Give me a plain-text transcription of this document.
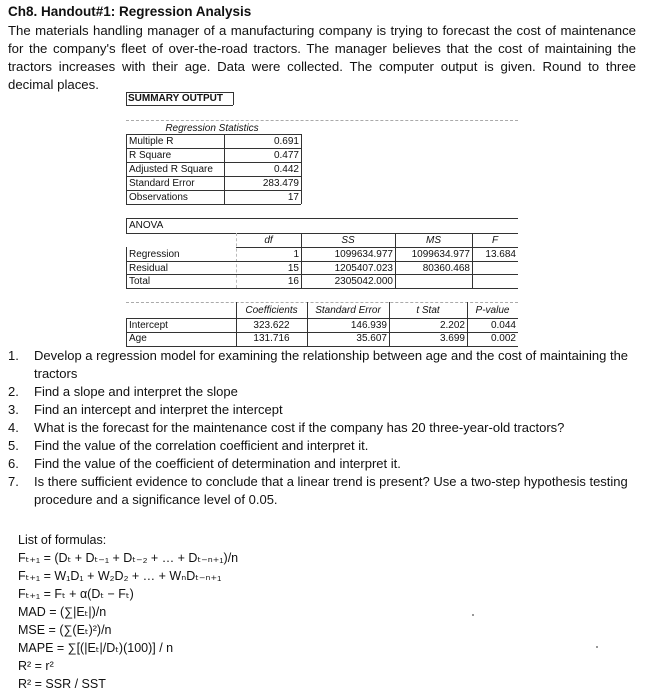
Ch8. Handout#1: Regression Analysis
The materials handling manager of a manufacturing company is trying to forecast the cost of maintenance for the company's fleet of over-the-road tractors. The manager believes that the cost of maintaining the tractors increases with their age. Data were collected. The computer output is given. Round to three decimal places.
SUMMARY OUTPUT
Regression Statistics
Multiple R	0.691
R Square	0.477
Adjusted R Square	0.442
Standard Error	283.479
Observations	17
ANOVA
df	SS	MS	F
Regression	1	1099634.977	1099634.977	13.684
Residual	15	1205407.023	80360.468
Total	16	2305042.000
Coefficients	Standard Error	t Stat	P-value
Intercept	323.622	146.939	2.202	0.044
Age	131.716	35.607	3.699	0.002
1. Develop a regression model for examining the relationship between age and the cost of maintaining the tractors
2. Find a slope and interpret the slope
3. Find an intercept and interpret the intercept
4. What is the forecast for the maintenance cost if the company has 20 three-year-old tractors?
5. Find the value of the correlation coefficient and interpret it.
6. Find the value of the coefficient of determination and interpret it.
7. Is there sufficient evidence to conclude that a linear trend is present? Use a two-step hypothesis testing procedure and a significance level of 0.05.
List of formulas:
Fₜ₊₁ = (Dₜ + Dₜ₋₁ + Dₜ₋₂ + … + Dₜ₋ₙ₊₁)/n
Fₜ₊₁ = W₁D₁ + W₂D₂ + … + WₙDₜ₋ₙ₊₁
Fₜ₊₁ = Fₜ + α(Dₜ − Fₜ)
MAD = (∑|Eₜ|)/n
MSE = (∑(Eₜ)²)/n
MAPE = ∑[(|Eₜ|/Dₜ)(100)] / n
R² = r²
R² = SSR / SST
